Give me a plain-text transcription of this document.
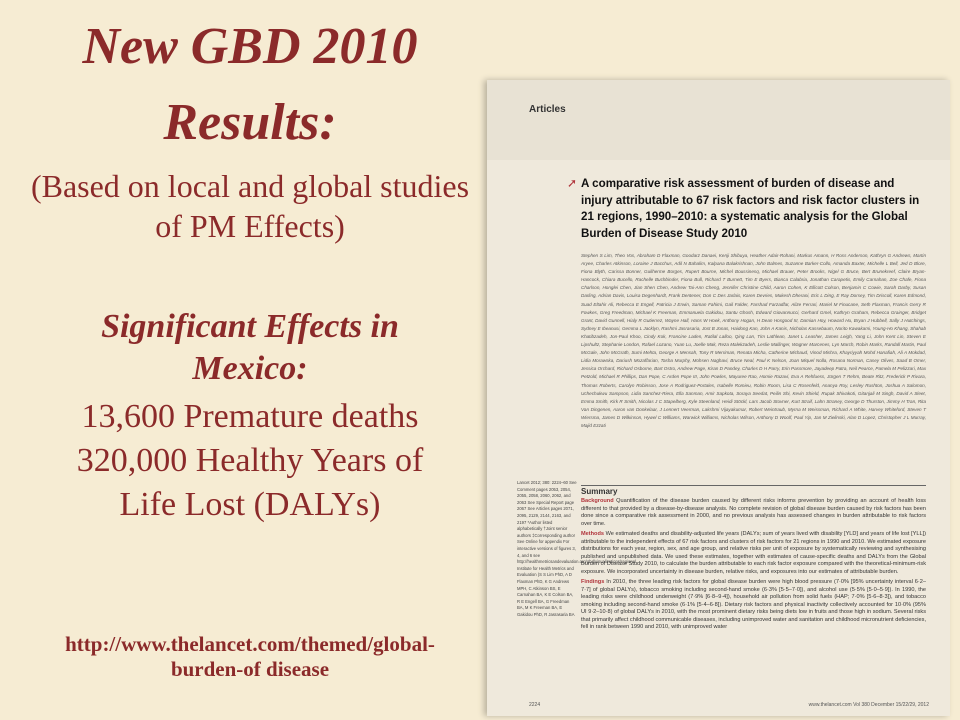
New GBD 2010
Results:
(Based on local and global studies of PM Effects)
Significant Effects in
Mexico:
13,600 Premature deaths
320,000 Healthy Years of
Life Lost (DALYs)
http://www.thelancet.com/themed/global-
burden-of disease
Articles
➚ A comparative risk assessment of burden of disease and injury attributable to 67 risk factors and risk factor clusters in 21 regions, 1990–2010: a systematic analysis for the Global Burden of Disease Study 2010
Stephen S Lim, Theo Vos, Abraham D Flaxman, Goodarz Danaei, Kenji Shibuya, Heather Adair-Rohani, Markus Amann, H Ross Anderson, Kathryn G Andrews, Martin Aryee, Charles Atkinson, Loraine J Bacchus, Adil N Bahalim, Kalpana Balakrishnan, John Balmes, Suzanne Barker-Collo, Amanda Baxter, Michelle L Bell, Jed D Blore, Fiona Blyth, Carissa Bonner, Guilherme Borges, Rupert Bourne, Michel Boussinesq, Michael Brauer, Peter Brooks, Nigel G Bruce, Bert Brunekreef, Claire Bryan-Hancock, Chiara Bucello, Rachelle Buchbinder, Fiona Bull, Richard T Burnett, Tim E Byers, Bianca Calabria, Jonathan Carapetis, Emily Carnahan, Zoe Chafe, Fiona Charlson, Honglei Chen, Jian Shen Chen, Andrew Tai-Ann Cheng, Jennifer Christine Child, Aaron Cohen, K Ellicott Colson, Benjamin C Cowie, Sarah Darby, Susan Darling, Adrian Davis, Louisa Degenhardt, Frank Dentener, Don C Des Jarlais, Karen Devries, Mukesh Dherani, Eric L Ding, E Ray Dorsey, Tim Driscoll, Karen Edmond, Suad Eltahir Ali, Rebecca E Engell, Patricia J Erwin, Saman Fahimi, Gail Falder, Farshad Farzadfar, Alize Ferrari, Mariel M Finucane, Seth Flaxman, Francis Gerry R Fowkes, Greg Freedman, Michael K Freeman, Emmanuela Gakidou, Santu Ghosh, Edward Giovannucci, Gerhard Gmel, Kathryn Graham, Rebecca Grainger, Bridget Grant, David Gunnell, Hialy R Gutierrez, Wayne Hall, Hans W Hoek, Anthony Hogan, H Dean Hosgood III, Damian Hoy, Howard Hu, Bryan J Hubbell, Sally J Hutchings, Sydney E Ibeanusi, Gemma L Jacklyn, Rashmi Jasrasaria, Jost B Jonas, Haidong Kan, John A Kanis, Nicholas Kassebaum, Norito Kawakami, Young-Ho Khang, Shahab Khatibzadeh, Jon-Paul Khoo, Cindy Kok, Francine Laden, Ratilal Lalloo, Qing Lan, Tim Lathlean, Janet L Leasher, James Leigh, Yang Li, John Kent Lin, Steven E Lipshultz, Stephanie London, Rafael Lozano, Yuan Lu, Joelle Mak, Reza Malekzadeh, Leslie Mallinger, Wagner Marcenes, Lyn March, Robin Marks, Randall Martin, Paul McGale, John McGrath, Sumi Mehta, George A Mensah, Tony R Merriman, Renata Micha, Catherine Michaud, Vinod Mishra, Khayriyyah Mohd Hanafiah, Ali A Mokdad, Lidia Morawska, Dariush Mozaffarian, Tasha Murphy, Mohsen Naghavi, Bruce Neal, Paul K Nelson, Joan Miquel Nolla, Rosana Norman, Casey Olives, Saad B Omer, Jessica Orchard, Richard Osborne, Bart Ostro, Andrew Page, Kiran D Pandey, Charles D H Parry, Erin Passmore, Jayadeep Patra, Neil Pearce, Pamela M Pelizzari, Max Petzold, Michael R Phillips, Dan Pope, C Arden Pope III, John Powles, Mayuree Rao, Homie Razavi, Eva A Rehfuess, Jürgen T Rehm, Beate Ritz, Frederick P Rivara, Thomas Roberts, Carolyn Robinson, Jose A Rodriguez-Portales, Isabelle Romieu, Robin Room, Lisa C Rosenfeld, Ananya Roy, Lesley Rushton, Joshua A Salomon, Uchechukwu Sampson, Lidia Sanchez-Riera, Ella Sanman, Amir Sapkota, Soraya Seedat, Peilin Shi, Kevin Shield, Rupak Shivakoti, Gitanjali M Singh, David A Sleet, Emma Smith, Kirk R Smith, Nicolas J C Stapelberg, Kyle Steenland, Heidi Stöckl, Lars Jacob Stovner, Kurt Straif, Lahn Straney, George D Thurston, Jimmy H Tran, Rita Van Dingenen, Aaron van Donkelaar, J Lennert Veerman, Lakshmi Vijayakumar, Robert Weintraub, Myrna M Weissman, Richard A White, Harvey Whiteford, Steven T Wiersma, James D Wilkinson, Hywel C Williams, Warwick Williams, Nicholas Wilson, Anthony D Woolf, Paul Yip, Jan M Zielinski, Alan D Lopez, Christopher J L Murray, Majid Ezzati
Lancet 2012; 380: 2224–60 See Comment pages 2053, 2054, 2055, 2058, 2060, 2062, and 2063 See Special Report page 2067 See Articles pages 2071, 2095, 2129, 2144, 2163, and 2197 *Author listed alphabetically †Joint senior authors ‡Corresponding author See Online for appendix For interactive versions of figures 3, 4, and 6 see http://healthmetricsandevaluation.org/gbd/visualizations/regional Institute for Health Metrics and Evaluation (S S Lim PhD, A D Flaxman PhD, K G Andrews MPH, C Atkinson BS, E Carnahan BA, K E Colson BA, R E Engell BA, G Freedman BA, M K Freeman BA, E Gakidou PhD, R Jasrasaria BA
Summary

Background Quantification of the disease burden caused by different risks informs prevention by providing an account of health loss different to that provided by a disease-by-disease analysis. No complete revision of global disease burden caused by risk factors has been done since a comparative risk assessment in 2000, and no previous analysis has assessed changes in burden attributable to risk factors over time.

Methods We estimated deaths and disability-adjusted life years (DALYs; sum of years lived with disability [YLD] and years of life lost [YLL]) attributable to the independent effects of 67 risk factors and clusters of risk factors for 21 regions in 1990 and 2010. We estimated exposure distributions for each year, region, sex, and age group, and relative risks per unit of exposure by systematically reviewing and synthesising published and unpublished data. We used these estimates, together with estimates of cause-specific deaths and DALYs from the Global Burden of Disease Study 2010, to calculate the burden attributable to each risk factor exposure compared with the theoretical-minimum-risk exposure. We incorporated uncertainty in disease burden, relative risks, and exposures into our estimates of attributable burden.

Findings In 2010, the three leading risk factors for global disease burden were high blood pressure (7·0% [95% uncertainty interval 6·2–7·7] of global DALYs), tobacco smoking including second-hand smoke (6·3% [5·5–7·0]), and alcohol use (5·5% [5·0–5·9]). In 1990, the leading risks were childhood underweight (7·9% [6·8–9·4]), household air pollution from solid fuels (HAP; 7·0% [5·6–8·3]), and tobacco smoking including second-hand smoke (6·1% [5·4–6·8]). Dietary risk factors and physical inactivity collectively accounted for 10·0% (95% UI 9·2–10·8) of global DALYs in 2010, with the most prominent dietary risks being diets low in fruits and those high in sodium. Several risks that primarily affect childhood communicable diseases, including unimproved water and sanitation and childhood micronutrient deficiencies, fell in rank between 1990 and 2010, with unimproved water

2224	www.thelancet.com Vol 380 December 15/22/29, 2012
